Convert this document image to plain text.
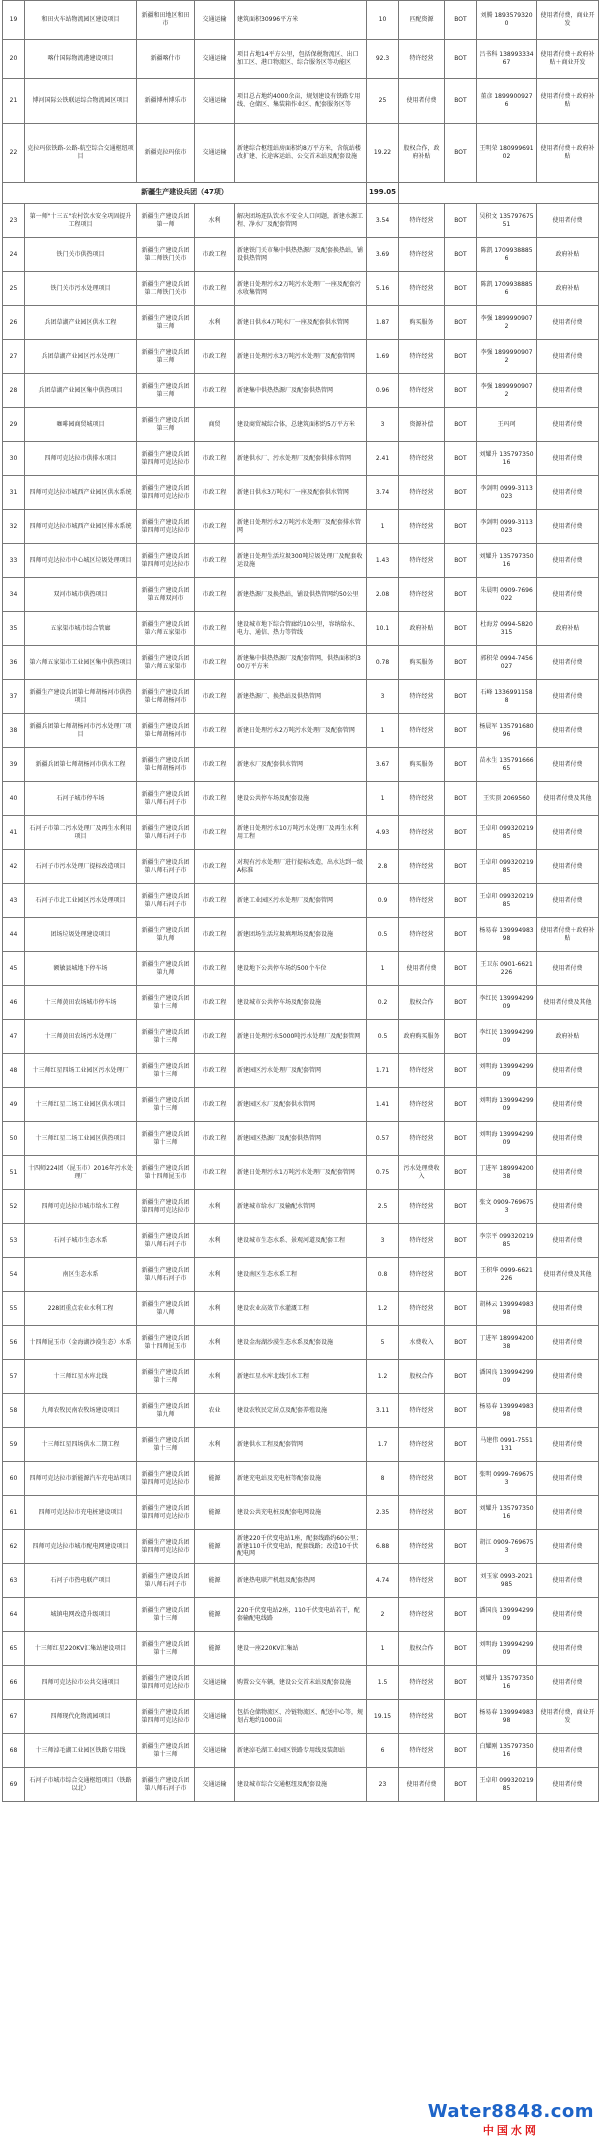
19	和田火车站物流园区建设项目	新疆和田地区和田市	交通运输	建筑面积30996平方米	10	匹配资源	BOT	刘腾 18935793200	使用者付费，商业开发
20	喀什国际物流港建设项目	新疆喀什市	交通运输	项目占地14平方公里，包括保税物流区、出口加工区、港口物流区、综合服务区等功能区	92.3	特许经营	BOT	吕书科 13899333467	使用者付费＋政府补贴＋商业开发
21	博河国际公铁联运综合物流园区项目	新疆博州博乐市	交通运输	项目总占地约4000余亩，规划建设有铁路专用线、仓储区、集装箱作业区、配套服务区等	25	使用者付费	BOT	董彦 18999009276	使用者付费＋政府补贴
22	克拉玛依铁路-公路-航空综合交通枢纽项目	新疆克拉玛依市	交通运输	新建综合枢纽站房面积约8万平方米，含航站楼改扩建、长途客运站、公交首末站及配套设施	19.22	股权合作，政府补贴	BOT	王明荣 18099969102	使用者付费＋政府补贴
新疆生产建设兵团（47项）					199.05				
23	第一师"十三五"农村饮水安全巩固提升工程项目	新疆生产建设兵团第一师	水利	解决团场连队饮水不安全人口问题，新建水源工程、净水厂及配套管网	3.54	特许经营	BOT	吴积文 13579767551	使用者付费
24	铁门关市供热项目	新疆生产建设兵团第二师铁门关市	市政工程	新建铁门关市集中供热热源厂及配套换热站，铺设供热管网	3.69	特许经营	BOT	陈凯 17099388856	政府补贴
25	铁门关市污水处理项目	新疆生产建设兵团第二师铁门关市	市政工程	新建日处理污水2万吨污水处理厂一座及配套污水收集管网	5.16	特许经营	BOT	陈凯 17099388856	政府补贴
26	兵团草湖产业园区供水工程	新疆生产建设兵团第三师	水利	新建日供水4万吨水厂一座及配套供水管网	1.87	购买服务	BOT	李强 18999909072	使用者付费
27	兵团草湖产业园区污水处理厂	新疆生产建设兵团第三师	市政工程	新建日处理污水3万吨污水处理厂及配套管网	1.69	特许经营	BOT	李强 18999909072	使用者付费
28	兵团草湖产业园区集中供热项目	新疆生产建设兵团第三师	市政工程	新建集中供热热源厂及配套供热管网	0.96	特许经营	BOT	李强 18999909072	使用者付费
29	咖啡园商贸城项目	新疆生产建设兵团第三师	商贸	建设商贸城综合体，总建筑面积约5万平方米	3	资源补偿	BOT	王玛珂	使用者付费
30	四师可克达拉市供排水项目	新疆生产建设兵团第四师可克达拉市	市政工程	新建供水厂、污水处理厂及配套供排水管网	2.41	特许经营	BOT	刘耀升 13579735016	使用者付费
31	四师可克达拉市城西产业园区供水系统	新疆生产建设兵团第四师可克达拉市	市政工程	新建日供水3万吨水厂一座及配套供水管网	3.74	特许经营	BOT	李剑明 0999-3113023	使用者付费
32	四师可克达拉市城西产业园区排水系统	新疆生产建设兵团第四师可克达拉市	市政工程	新建日处理污水2万吨污水处理厂及配套排水管网	1	特许经营	BOT	李剑明 0999-3113023	使用者付费
33	四师可克达拉市中心城区垃圾处理项目	新疆生产建设兵团第四师可克达拉市	市政工程	新建日处理生活垃圾300吨垃圾处理厂及配套收运设施	1.43	特许经营	BOT	刘耀升 13579735016	使用者付费
34	双河市城市供热项目	新疆生产建设兵团第五师双河市	市政工程	新建热源厂及换热站，铺设供热管网约50公里	2.08	特许经营	BOT	朱晨明 0909-7696022	使用者付费
35	五家渠市城市综合管廊	新疆生产建设兵团第六师五家渠市	市政工程	建设城市地下综合管廊约10公里，容纳给水、电力、通信、热力等管线	10.1	政府补贴	BOT	杜海芳 0994-5820315	政府补贴
36	第六师五家渠市工业园区集中供热项目	新疆生产建设兵团第六师五家渠市	市政工程	新建集中供热热源厂及配套管网，供热面积约300万平方米	0.78	购买服务	BOT	郭积荣 0994-7456027	使用者付费
37	新疆生产建设兵团第七师胡杨河市供热项目	新疆生产建设兵团第七师胡杨河市	市政工程	新建热源厂、换热站及供热管网	3	特许经营	BOT	石峰 13369911588	使用者付费
38	新疆兵团第七师胡杨河市污水处理厂项目	新疆生产建设兵团第七师胡杨河市	市政工程	新建日处理污水2万吨污水处理厂及配套管网	1	特许经营	BOT	杨晨军 13579168096	使用者付费
39	新疆兵团第七师胡杨河市供水工程	新疆生产建设兵团第七师胡杨河市	市政工程	新建水厂及配套供水管网	3.67	购买服务	BOT	苗永生 13579166665	使用者付费
40	石河子城市停车场	新疆生产建设兵团第八师石河子市	市政工程	建设公共停车场及配套设施	1	特许经营	BOT	王实顶 2069560	使用者付费及其他
41	石河子市第二污水处理厂及再生水利用项目	新疆生产建设兵团第八师石河子市	市政工程	新建日处理污水10万吨污水处理厂及再生水利用工程	4.93	特许经营	BOT	王卓印 09932021985	使用者付费
42	石河子市污水处理厂提标改造项目	新疆生产建设兵团第八师石河子市	市政工程	对现有污水处理厂进行提标改造，出水达到一级A标准	2.8	特许经营	BOT	王卓印 09932021985	使用者付费
43	石河子市北工业园区污水处理项目	新疆生产建设兵团第八师石河子市	市政工程	新建工业园区污水处理厂及配套管网	0.9	特许经营	BOT	王卓印 09932021985	使用者付费
44	团场垃圾处理建设项目	新疆生产建设兵团第九师	市政工程	新建团场生活垃圾填埋场及配套设施	0.5	特许经营	BOT	杨易春 13999498398	使用者付费＋政府补贴
45	额敏县城地下停车场	新疆生产建设兵团第九师	市政工程	建设地下公共停车场约500个车位	1	使用者付费	BOT	王卫东 0901-6621226	使用者付费
46	十三师黄田农场城市停车场	新疆生产建设兵团第十三师	市政工程	建设城市公共停车场及配套设施	0.2	股权合作	BOT	李红民 13999429909	使用者付费及其他
47	十三师黄田农场污水处理厂	新疆生产建设兵团第十三师	市政工程	新建日处理污水5000吨污水处理厂及配套管网	0.5	政府购买服务	BOT	李红民 13999429909	政府补贴
48	十三师红星四场工业园区污水处理厂	新疆生产建设兵团第十三师	市政工程	新建园区污水处理厂及配套管网	1.71	特许经营	BOT	刘明海 13999429909	使用者付费
49	十三师红星二场工业园区供水项目	新疆生产建设兵团第十三师	市政工程	新建园区水厂及配套供水管网	1.41	特许经营	BOT	刘明海 13999429909	使用者付费
50	十三师红星二场工业园区供热项目	新疆生产建设兵团第十三师	市政工程	新建园区热源厂及配套供热管网	0.57	特许经营	BOT	刘明海 13999429909	使用者付费
51	十四师224团（昆玉市）2016年污水处理厂	新疆生产建设兵团第十四师昆玉市	市政工程	新建日处理污水1万吨污水处理厂及配套管网	0.75	污水处理费收入	BOT	丁进军 18999420038	使用者付费
52	四师可克达拉市城市给水工程	新疆生产建设兵团第四师可克达拉市	水利	新建城市给水厂及输配水管网	2.5	特许经营	BOT	张文 0909-7696753	使用者付费
53	石河子城市生态水系	新疆生产建设兵团第八师石河子市	水利	建设城市生态水系、景观河道及配套工程	3	特许经营	BOT	李宗平 09932021985	使用者付费
54	南区生态水系	新疆生产建设兵团第八师石河子市	水利	建设南区生态水系工程	0.8	特许经营	BOT	王积华 0999-6621226	使用者付费及其他
55	228团重点农业水利工程	新疆生产建设兵团第八师	水利	建设农业高效节水灌溉工程	1.2	特许经营	BOT	胡林云 13999498398	使用者付费
56	十四师昆玉市（金海湖沙漠生态）水系	新疆生产建设兵团第十四师昆玉市	水利	建设金海湖沙漠生态水系及配套设施	5	水费收入	BOT	丁进军 18999420038	使用者付费
57	十三师红星水库北线	新疆生产建设兵团第十三师	水利	新建红星水库北线引水工程	1.2	股权合作	BOT	潘国良 13999429909	使用者付费
58	九师农牧民南农牧场建设项目	新疆生产建设兵团第九师	农业	建设农牧民定居点及配套养殖设施	3.11	特许经营	BOT	杨易春 13999498398	使用者付费
59	十三师红星四场供水二期工程	新疆生产建设兵团第十三师	水利	新建供水工程及配套管网	1.7	特许经营	BOT	马建伟 0991-7551131	使用者付费
60	四师可克达拉市新能源汽车充电站项目	新疆生产建设兵团第四师可克达拉市	能源	新建充电站及充电桩等配套设施	8	特许经营	BOT	张明 0999-7696753	使用者付费
61	四师可克达拉市充电桩建设项目	新疆生产建设兵团第四师可克达拉市	能源	建设公共充电桩及配套电网设施	2.35	特许经营	BOT	刘耀升 13579735016	使用者付费
62	四师可克达拉市城市配电网建设项目	新疆生产建设兵团第四师可克达拉市	能源	新建220千伏变电站1座，配套线路约60公里；新建110千伏变电站，配套线路；改造10千伏配电网	6.88	特许经营	BOT	胡江 0909-7696753	使用者付费
63	石河子市热电联产项目	新疆生产建设兵团第八师石河子市	能源	新建热电联产机组及配套热网	4.74	特许经营	BOT	刘玉家 0993-2021985	使用者付费
64	城镇电网改造升级项目	新疆生产建设兵团第十三师	能源	220千伏变电站2座，110千伏变电站若干，配套输配电线路	2	特许经营	BOT	潘国良 13999429909	使用者付费
65	十三师红星220KV汇集站建设项目	新疆生产建设兵团第十三师	能源	建设一座220KV汇集站	1	股权合作	BOT	刘明海 13999429909	使用者付费
66	四师可克达拉市公共交通项目	新疆生产建设兵团第四师可克达拉市	交通运输	购置公交车辆，建设公交首末站及配套设施	1.5	特许经营	BOT	刘耀升 13579735016	使用者付费
67	四师现代化物流园项目	新疆生产建设兵团第四师可克达拉市	交通运输	包括仓储物流区、冷链物流区、配送中心等，规划占地约1000亩	19.15	特许经营	BOT	杨易春 13999498398	使用者付费，商业开发
68	十三师淖毛湖工业园区铁路专用线	新疆生产建设兵团第十三师	交通运输	新建淖毛湖工业园区铁路专用线及装卸站	6	特许经营	BOT	白耀刚 13579735016	使用者付费
69	石河子市城市综合交通枢纽项目（铁路以北）	新疆生产建设兵团第八师石河子市	交通运输	建设城市综合交通枢纽及配套设施	23	使用者付费	BOT	王卓印 09932021985	使用者付费
Water8848.com
中国水网
